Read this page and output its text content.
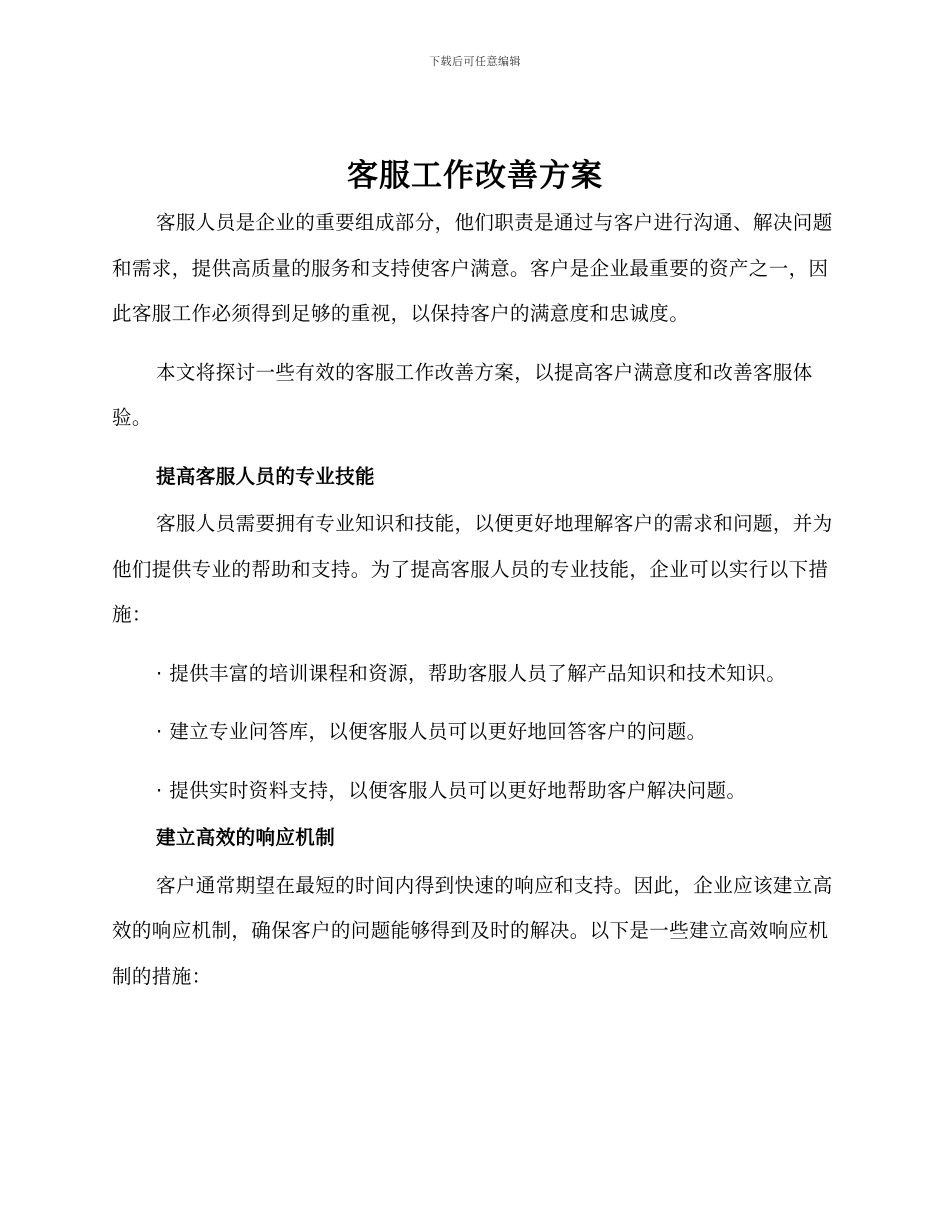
下载后可任意编辑
客服工作改善方案

客服人员是企业的重要组成部分，他们职责是通过与客户进行沟通、解决问题和需求，提供高质量的服务和支持使客户满意。客户是企业最重要的资产之一，因此客服工作必须得到足够的重视，以保持客户的满意度和忠诚度。

本文将探讨一些有效的客服工作改善方案，以提高客户满意度和改善客服体验。

提高客服人员的专业技能

客服人员需要拥有专业知识和技能，以便更好地理解客户的需求和问题，并为他们提供专业的帮助和支持。为了提高客服人员的专业技能，企业可以实行以下措施：

· 提供丰富的培训课程和资源，帮助客服人员了解产品知识和技术知识。

· 建立专业问答库，以便客服人员可以更好地回答客户的问题。

· 提供实时资料支持，以便客服人员可以更好地帮助客户解决问题。

建立高效的响应机制

客户通常期望在最短的时间内得到快速的响应和支持。因此，企业应该建立高效的响应机制，确保客户的问题能够得到及时的解决。以下是一些建立高效响应机制的措施：
